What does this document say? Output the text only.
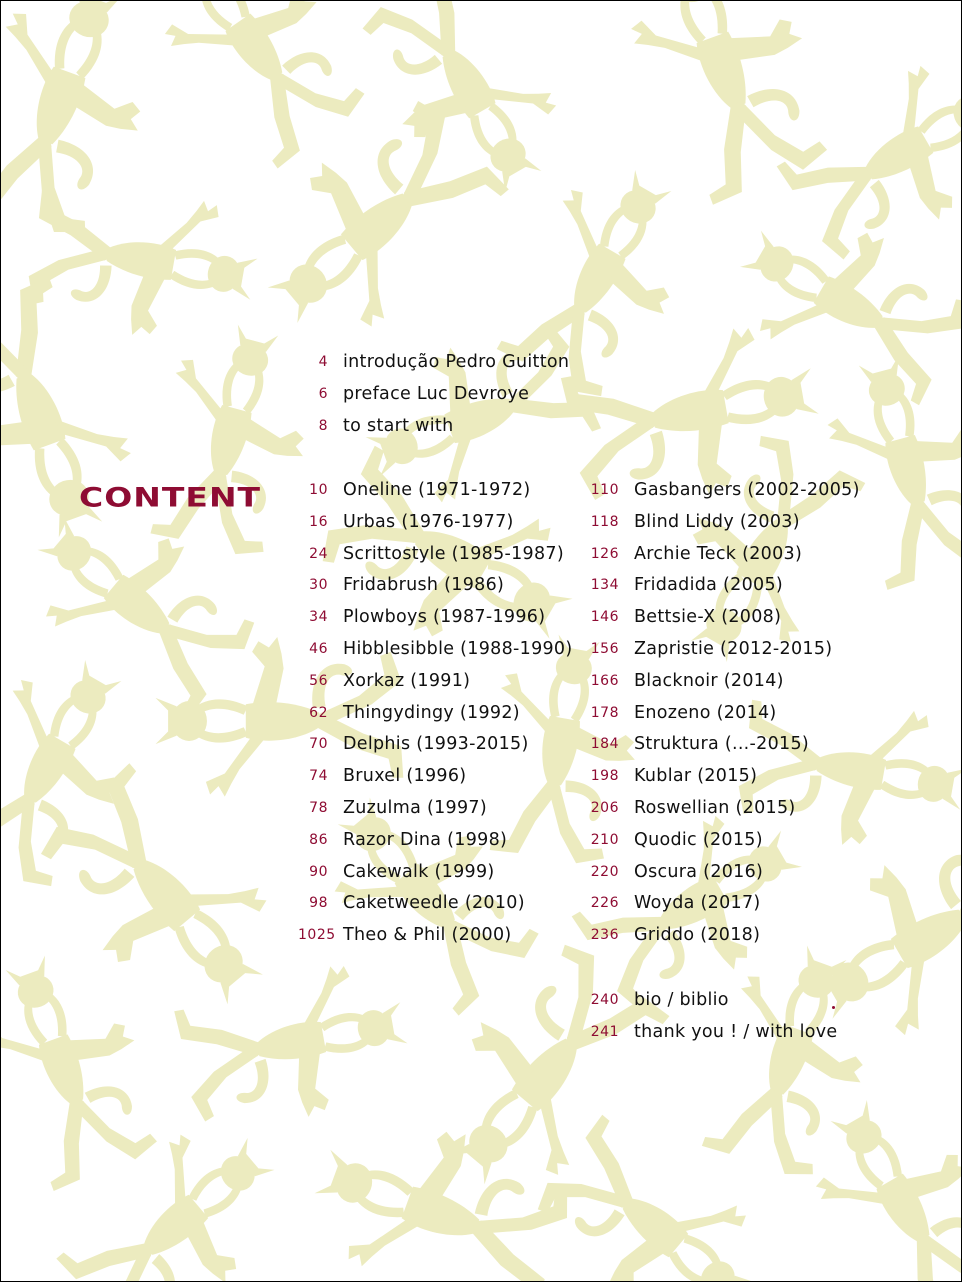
CONTENT
4 introdução Pedro Guitton
6 preface Luc Devroye
8 to start with
10 Oneline (1971-1972)
16 Urbas (1976-1977)
24 Scrittostyle (1985-1987)
30 Fridabrush (1986)
34 Plowboys (1987-1996)
46 Hibblesibble (1988-1990)
56 Xorkaz (1991)
62 Thingydingy (1992)
70 Delphis (1993-2015)
74 Bruxel (1996)
78 Zuzulma (1997)
86 Razor Dina (1998)
90 Cakewalk (1999)
98 Caketweedle (2010)
1025 Theo & Phil (2000)
110 Gasbangers (2002-2005)
118 Blind Liddy (2003)
126 Archie Teck (2003)
134 Fridadida (2005)
146 Bettsie-X (2008)
156 Zapristie (2012-2015)
166 Blacknoir (2014)
178 Enozeno (2014)
184 Struktura (...-2015)
198 Kublar (2015)
206 Roswellian (2015)
210 Quodic (2015)
220 Oscura (2016)
226 Woyda (2017)
236 Griddo (2018)
240 bio / biblio
241 thank you ! / with love
